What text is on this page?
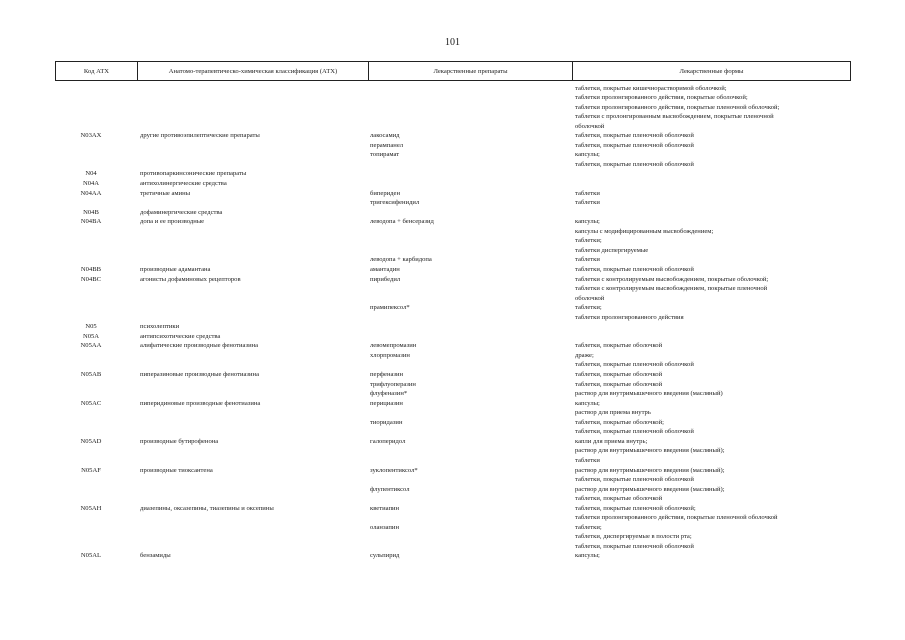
101
Код АТХ	Анатомо-терапевтическо-химическая классификация (АТХ)	Лекарственные препараты	Лекарственные формы
таблетки, покрытые кишечнорастворимой оболочкой;
таблетки пролонгированного действия, покрытые оболочкой;
таблетки пролонгированного действия, покрытые пленочной оболочкой;
таблетки с пролонгированным высвобождением, покрытые пленочной
оболочкой
N03AX	другие противоэпилептические препараты	лакосамид	таблетки, покрытые пленочной оболочкой
перампанел	таблетки, покрытые пленочной оболочкой
топирамат	капсулы;
таблетки, покрытые пленочной оболочкой
N04	противопаркинсонические препараты
N04A	антихолинергические средства
N04AA	третичные амины	бипериден	таблетки
тригексифенидил	таблетки
N04B	дофаминергические средства
N04BA	допа и ее производные	леводопа + бенсеразид	капсулы;
капсулы с модифицированным высвобождением;
таблетки;
таблетки диспергируемые
леводопа + карбидопа	таблетки
N04BB	производные адамантана	амантадин	таблетки, покрытые пленочной оболочкой
N04BC	агонисты дофаминовых рецепторов	пирибедил	таблетки с контролируемым высвобождением, покрытые оболочкой;
таблетки с контролируемым высвобождением, покрытые пленочной
оболочкой
прамипексол*	таблетки;
таблетки пролонгированного действия
N05	психолептики
N05A	антипсихотические средства
N05AA	алифатические производные фенотиазина	левомепромазин	таблетки, покрытые оболочкой
хлорпромазин	драже;
таблетки, покрытые пленочной оболочкой
N05AB	пиперазиновые производные фенотиазина	перфеназин	таблетки, покрытые оболочкой
трифлуоперазин	таблетки, покрытые оболочкой
флуфеназин*	раствор для внутримышечного введения (масляный)
N05AC	пиперидиновые производные фенотиазина	перициазин	капсулы;
раствор для приема внутрь
тиоридазин	таблетки, покрытые оболочкой;
таблетки, покрытые пленочной оболочкой
N05AD	производные бутирофенона	галоперидол	капли для приема внутрь;
раствор для внутримышечного введения (масляный);
таблетки
N05AF	производные тиоксантена	зуклопентиксол*	раствор для внутримышечного введения (масляный);
таблетки, покрытые пленочной оболочкой
флупентиксол	раствор для внутримышечного введения (масляный);
таблетки, покрытые оболочкой
N05AH	диазепины, оксазепины, тиазепины и оксепины	кветиапин	таблетки, покрытые пленочной оболочкой;
таблетки пролонгированного действия, покрытые пленочной оболочкой
оланзапин	таблетки;
таблетки, диспергируемые в полости рта;
таблетки, покрытые пленочной оболочкой
N05AL	бензамиды	сульпирид	капсулы;
